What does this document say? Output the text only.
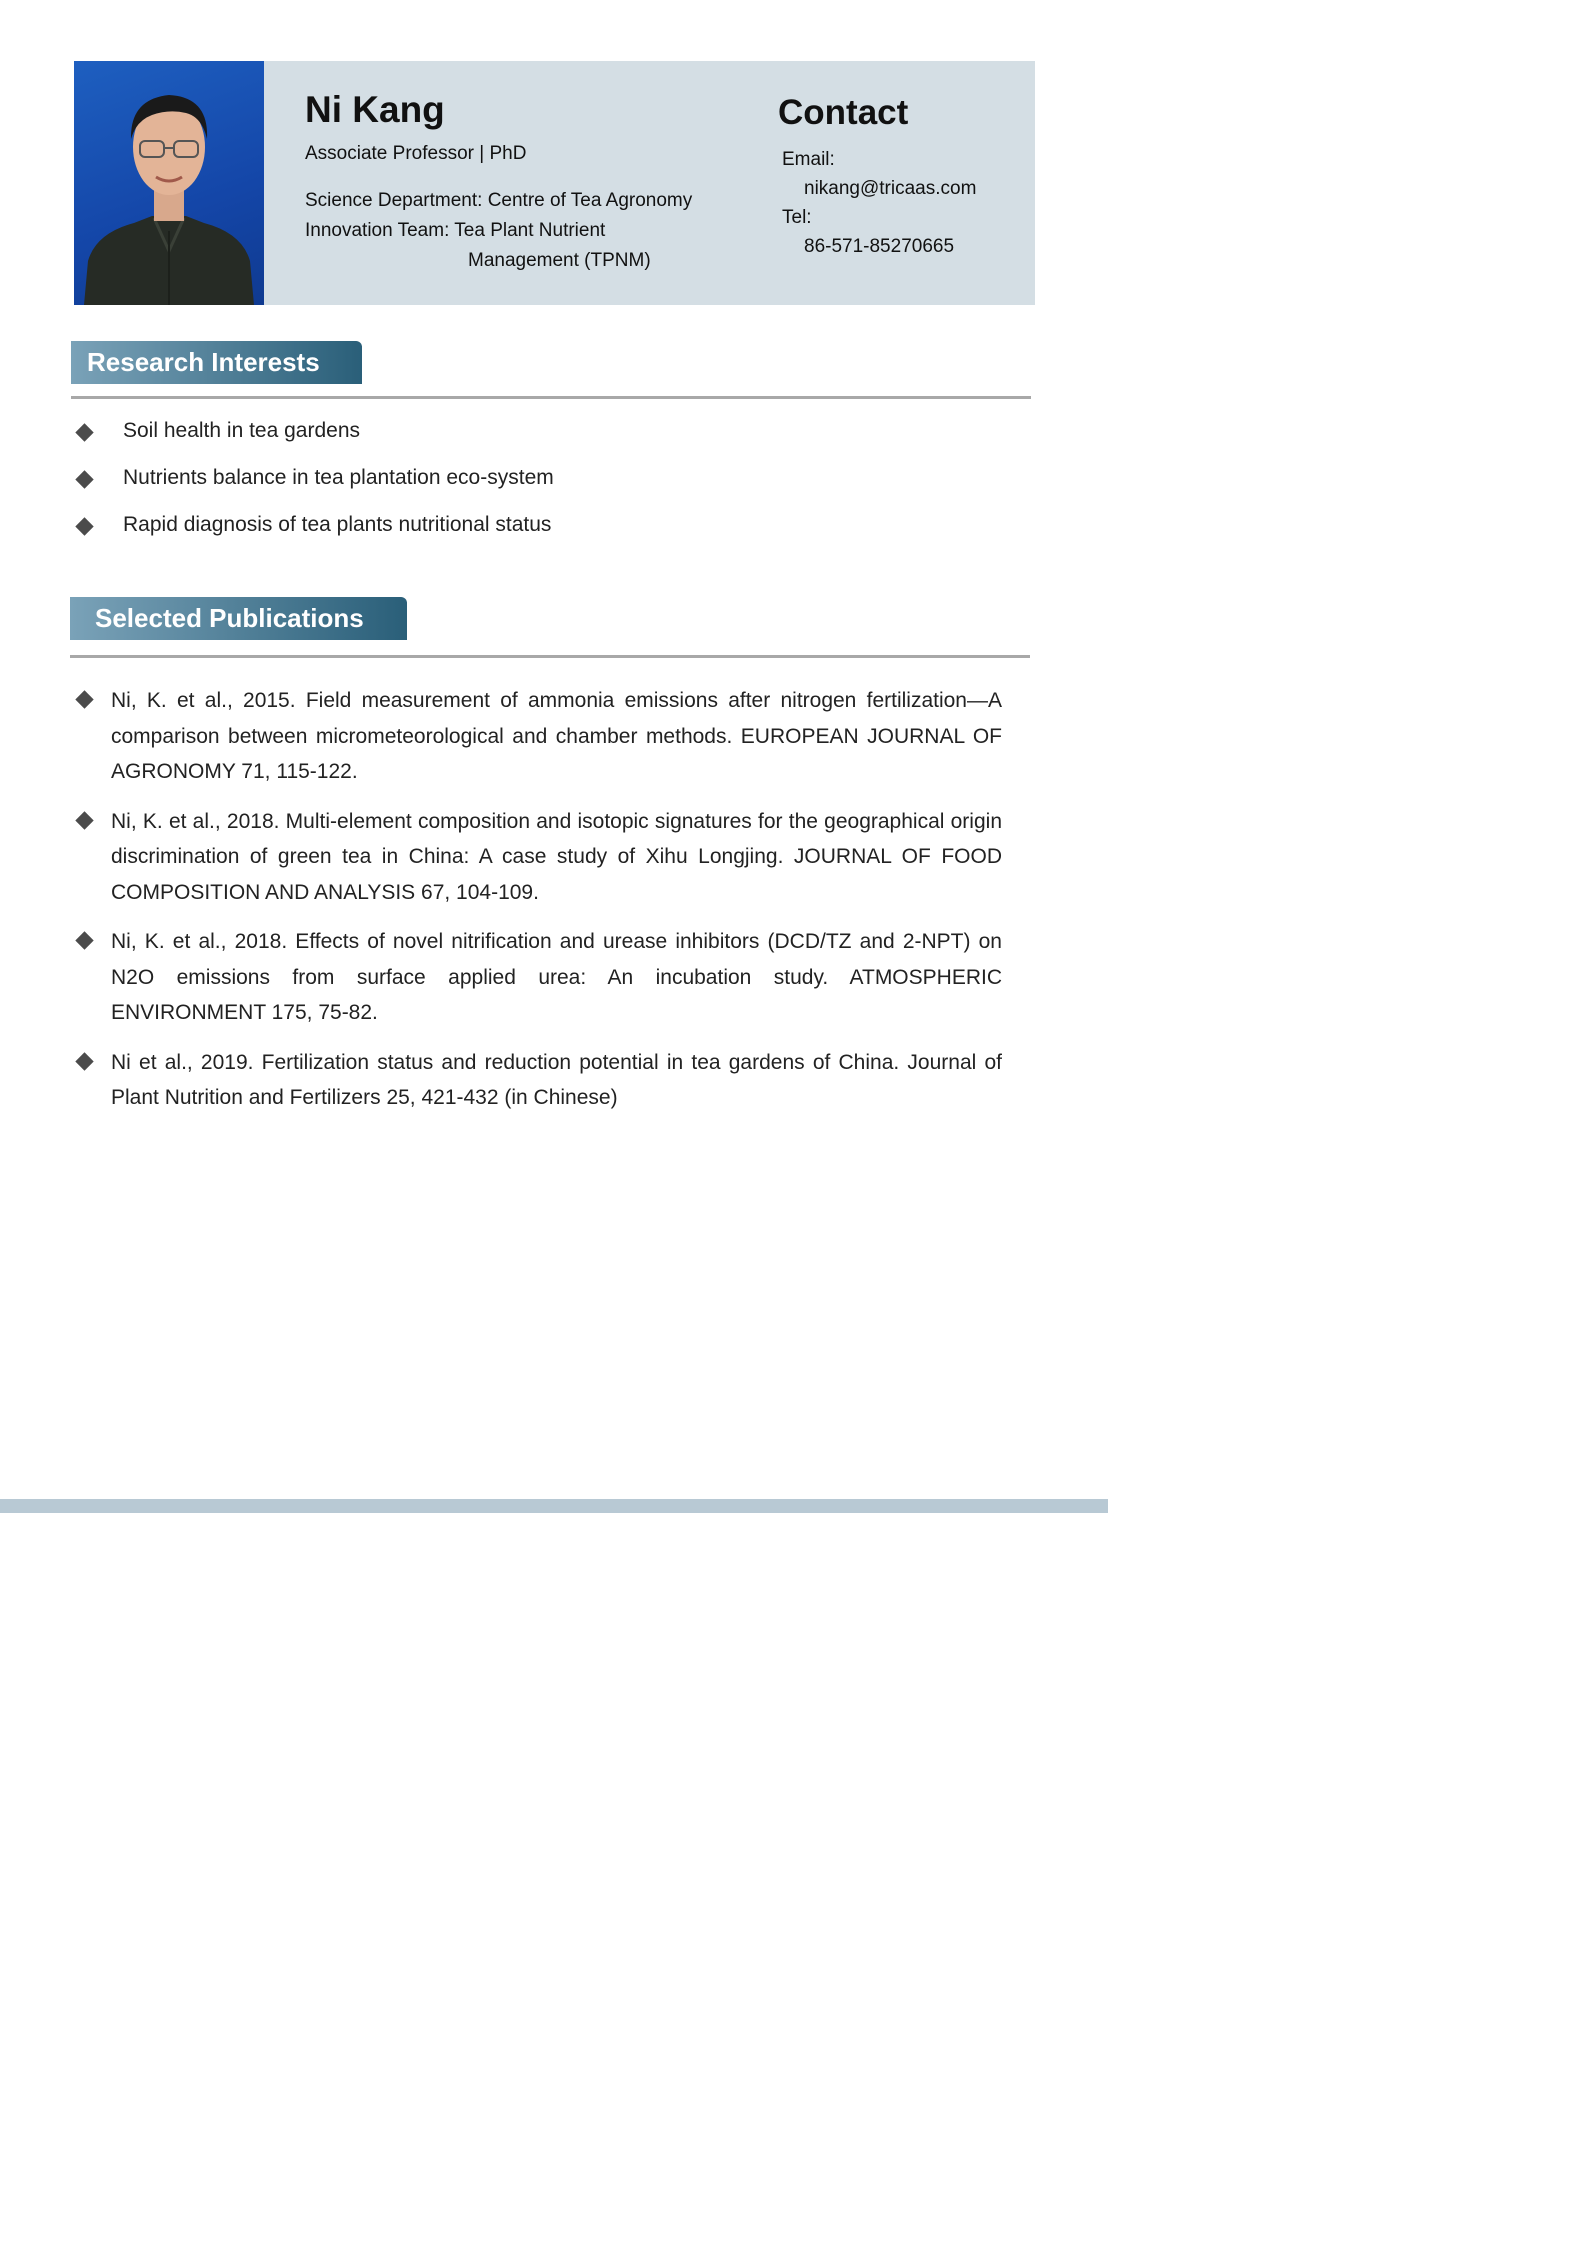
Ni Kang
Associate Professor | PhD
Science Department: Centre of Tea Agronomy
Innovation Team: Tea Plant Nutrient
Management (TPNM)
Contact
Email:
nikang@tricaas.com
Tel:
86-571-85270665
Research Interests
Soil health in tea gardens
Nutrients balance in tea plantation eco-system
Rapid diagnosis of tea plants nutritional status
Selected Publications
Ni, K. et al., 2015. Field measurement of ammonia emissions after nitrogen fertilization—A comparison between micrometeorological and chamber methods. EUROPEAN JOURNAL OF AGRONOMY 71, 115-122.
Ni, K. et al., 2018. Multi-element composition and isotopic signatures for the geographical origin discrimination of green tea in China: A case study of Xihu Longjing. JOURNAL OF FOOD COMPOSITION AND ANALYSIS 67, 104-109.
Ni, K. et al., 2018. Effects of novel nitrification and urease inhibitors (DCD/TZ and 2-NPT) on N2O emissions from surface applied urea: An incubation study. ATMOSPHERIC ENVIRONMENT 175, 75-82.
Ni et al., 2019. Fertilization status and reduction potential in tea gardens of China. Journal of Plant Nutrition and Fertilizers 25, 421-432 (in Chinese)
